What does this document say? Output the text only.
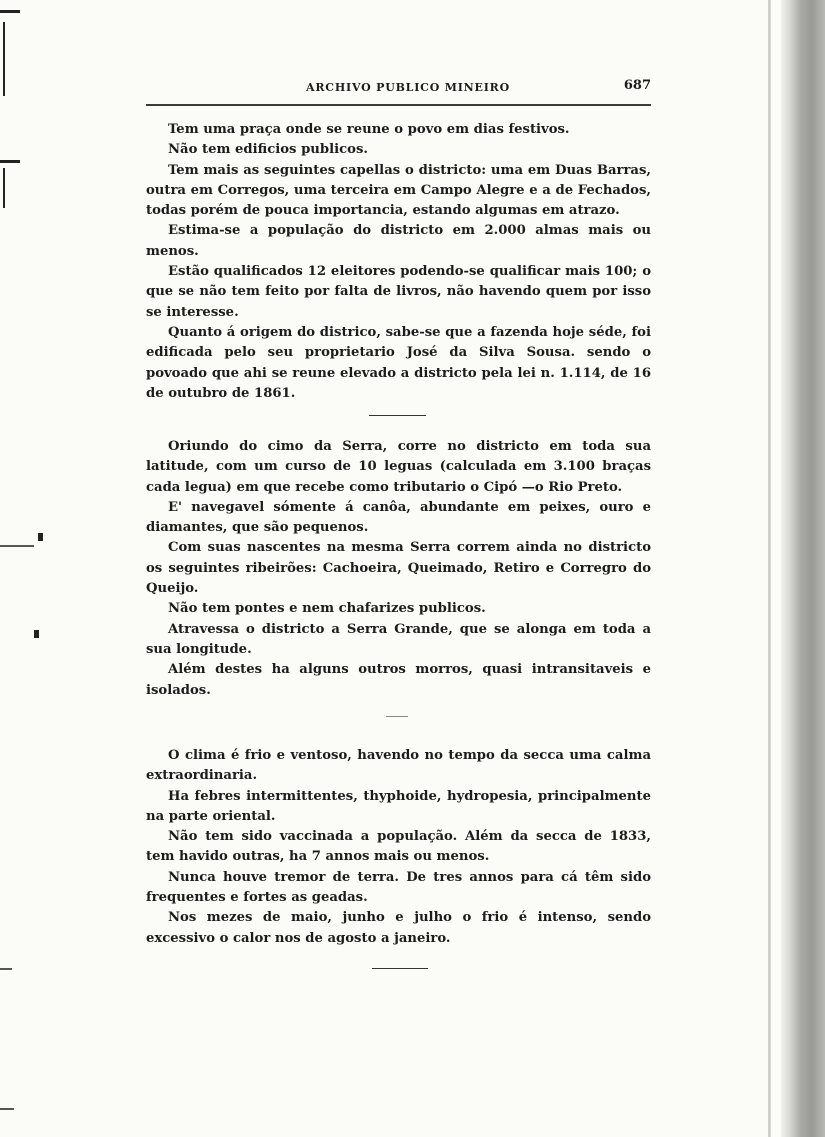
ARCHIVO PUBLICO MINEIRO	687

Tem uma praça onde se reune o povo em dias festivos.

Não tem edificios publicos.

Tem mais as seguintes capellas o districto: uma em Duas Barras, outra em Corregos, uma terceira em Campo Alegre e a de Fechados, todas porém de pouca importancia, estando algumas em atrazo.

Estima-se a população do districto em 2.000 almas mais ou menos.

Estão qualificados 12 eleitores podendo-se qualificar mais 100; o que se não tem feito por falta de livros, não havendo quem por isso se interesse.

Quanto á origem do districo, sabe-se que a fazenda hoje séde, foi edificada pelo seu proprietario José da Silva Sousa. sendo o povoado que ahi se reune elevado a districto pela lei n. 1.114, de 16 de outubro de 1861.

Oriundo do cimo da Serra, corre no districto em toda sua latitude, com um curso de 10 leguas (calculada em 3.100 braças cada legua) em que recebe como tributario o Cipó —o Rio Preto.

E' navegavel sómente á canôa, abundante em peixes, ouro e diamantes, que são pequenos.

Com suas nascentes na mesma Serra correm ainda no districto os seguintes ribeirões: Cachoeira, Queimado, Retiro e Corregro do Queijo.

Não tem pontes e nem chafarizes publicos.

Atravessa o districto a Serra Grande, que se alonga em toda a sua longitude.

Além destes ha alguns outros morros, quasi intransitaveis e isolados.

O clima é frio e ventoso, havendo no tempo da secca uma calma extraordinaria.

Ha febres intermittentes, thyphoide, hydropesia, principalmente na parte oriental.

Não tem sido vaccinada a população. Além da secca de 1833, tem havido outras, ha 7 annos mais ou menos.

Nunca houve tremor de terra. De tres annos para cá têm sido frequentes e fortes as geadas.

Nos mezes de maio, junho e julho o frio é intenso, sendo excessivo o calor nos de agosto a janeiro.
